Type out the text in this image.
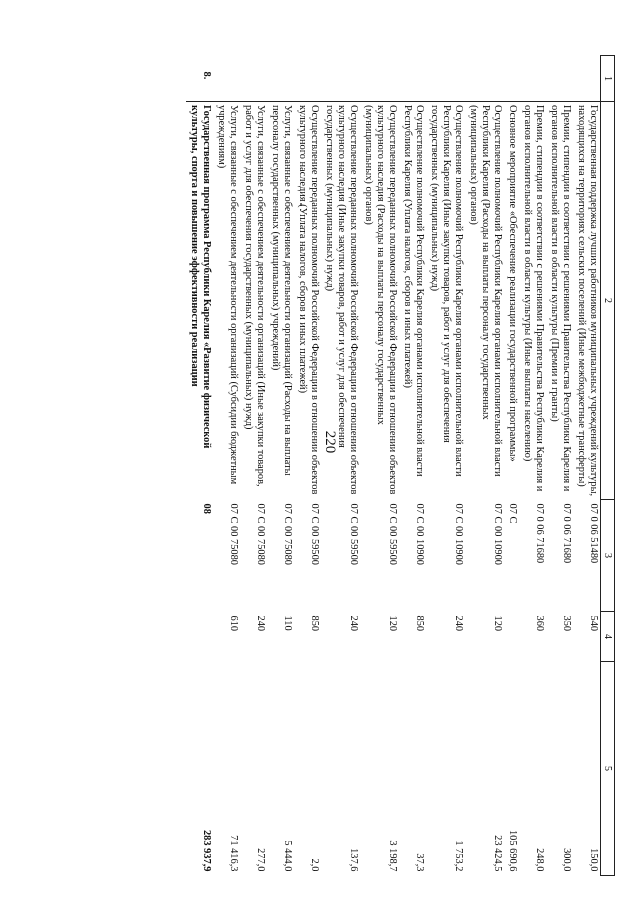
220
1	2	3	4	5
	Государственная поддержка лучших работников муниципальных учреждений культуры, находящихся на территориях сельских поселений (Иные межбюджетные трансферты)	07 0 06 51480	540	150,0
	Премии, стипендии в соответствии с решениями Правительства Республики Карелия и органов исполнительной власти в области культуры (Премии и гранты)	07 0 06 71680	350	300,0
	Премии, стипендии в соответствии с решениями Правительства Республики Карелия и органов исполнительной власти в области культуры (Иные выплаты населению)	07 0 06 71680	360	248,0
	Основное мероприятие «Обеспечение реализации государственной программы»	07 С		105 690,6
	Осуществление полномочий Республики Карелия органами исполнительной власти Республики Карелия (Расходы на выплаты персоналу государственных (муниципальных) органов)	07 С 00 10900	120	23 424,5
	Осуществление полномочий Республики Карелия органами исполнительной власти Республики Карелия (Иные закупки товаров, работ и услуг для обеспечения государственных (муниципальных) нужд)	07 С 00 10900	240	1 753,2
	Осуществление полномочий Республики Карелия органами исполнительной власти Республики Карелия (Уплата налогов, сборов и иных платежей)	07 С 00 10900	850	37,3
	Осуществление переданных полномочий Российской Федерации в отношении объектов культурного наследия (Расходы на выплаты персоналу государственных (муниципальных) органов)	07 С 00 59500	120	3 198,7
	Осуществление переданных полномочий Российской Федерации в отношении объектов культурного наследия (Иные закупки товаров, работ и услуг для обеспечения государственных (муниципальных) нужд)	07 С 00 59500	240	137,6
	Осуществление переданных полномочий Российской Федерации в отношении объектов культурного наследия (Уплата налогов, сборов и иных платежей)	07 С 00 59500	850	2,0
	Услуги, связанные с обеспечением деятельности организаций (Расходы на выплаты персоналу государственных (муниципальных) учреждений)	07 С 00 75080	110	5 444,0
	Услуги, связанные с обеспечением деятельности организаций (Иные закупки товаров, работ и услуг для обеспечения государственных (муниципальных) нужд)	07 С 00 75080	240	277,0
	Услуги, связанные с обеспечением деятельности организаций (Субсидии бюджетным учреждениям)	07 С 00 75080	610	71 416,3
8.	Государственная программа Республики Карелия «Развитие физической культуры, спорта и повышение эффективности реализации	08		283 937,9
